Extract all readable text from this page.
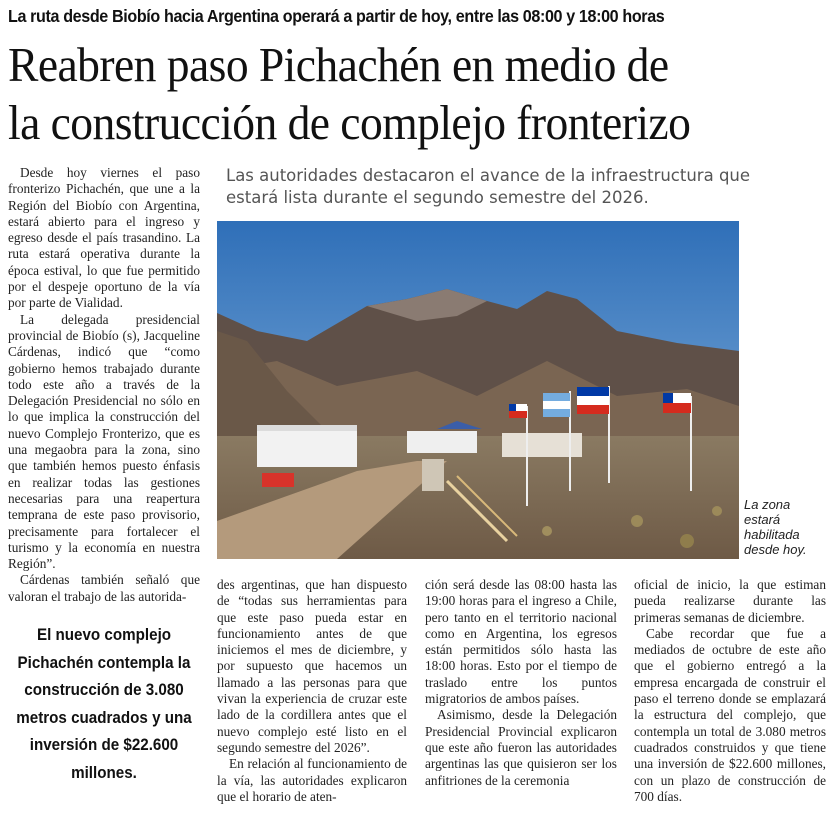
La ruta desde Biobío hacia Argentina operará a partir de hoy, entre las 08:00 y 18:00 horas
Reabren paso Pichachén en medio de
la construcción de complejo fronterizo

Desde hoy viernes el paso fronterizo Pichachén, que une a la Región del Biobío con Argentina, estará abierto para el ingreso y egreso desde el país trasandino. La ruta estará operativa durante la época estival, lo que fue permitido por el despeje oportuno de la vía por parte de Vialidad.

La delegada presidencial provincial de Biobío (s), Jacqueline Cárdenas, indicó que “como gobierno hemos trabajado durante todo este año a través de la Delegación Presidencial no sólo en lo que implica la construcción del nuevo Complejo Fronterizo, que es una megaobra para la zona, sino que también hemos puesto énfasis en realizar todas las gestiones necesarias para una reapertura temprana de este paso provisorio, precisamente para fortalecer el turismo y la economía en nuestra Región”.

Cárdenas también señaló que valoran el trabajo de las autorida-

Las autoridades destacaron el avance de la infraestructura que estará lista durante el segundo semestre del 2026.
La zona
estará
habilitada
desde hoy.
El nuevo complejo
Pichachén contempla la
construcción de 3.080
metros cuadrados y una
inversión de $22.600
millones.

des argentinas, que han dispuesto de “todas sus herramientas para que este paso pueda estar en funcionamiento antes de que iniciemos el mes de diciembre, y por supuesto que hacemos un llamado a las personas para que vivan la experiencia de cruzar este lado de la cordillera antes que el nuevo complejo esté listo en el segundo semestre del 2026”.

En relación al funcionamiento de la vía, las autoridades explicaron que el horario de aten-

ción será desde las 08:00 hasta las 19:00 horas para el ingreso a Chile, pero tanto en el territorio nacional como en Argentina, los egresos están permitidos sólo hasta las 18:00 horas. Esto por el tiempo de traslado entre los puntos migratorios de ambos países.

Asimismo, desde la Delegación Presidencial Provincial explicaron que este año fueron las autoridades argentinas las que quisieron ser los anfitriones de la ceremonia

oficial de inicio, la que estiman pueda realizarse durante las primeras semanas de diciembre.

Cabe recordar que fue a mediados de octubre de este año que el gobierno entregó a la empresa encargada de construir el paso el terreno donde se emplazará la estructura del complejo, que contempla un total de 3.080 metros cuadrados construidos y que tiene una inversión de $22.600 millones, con un plazo de construcción de 700 días.
